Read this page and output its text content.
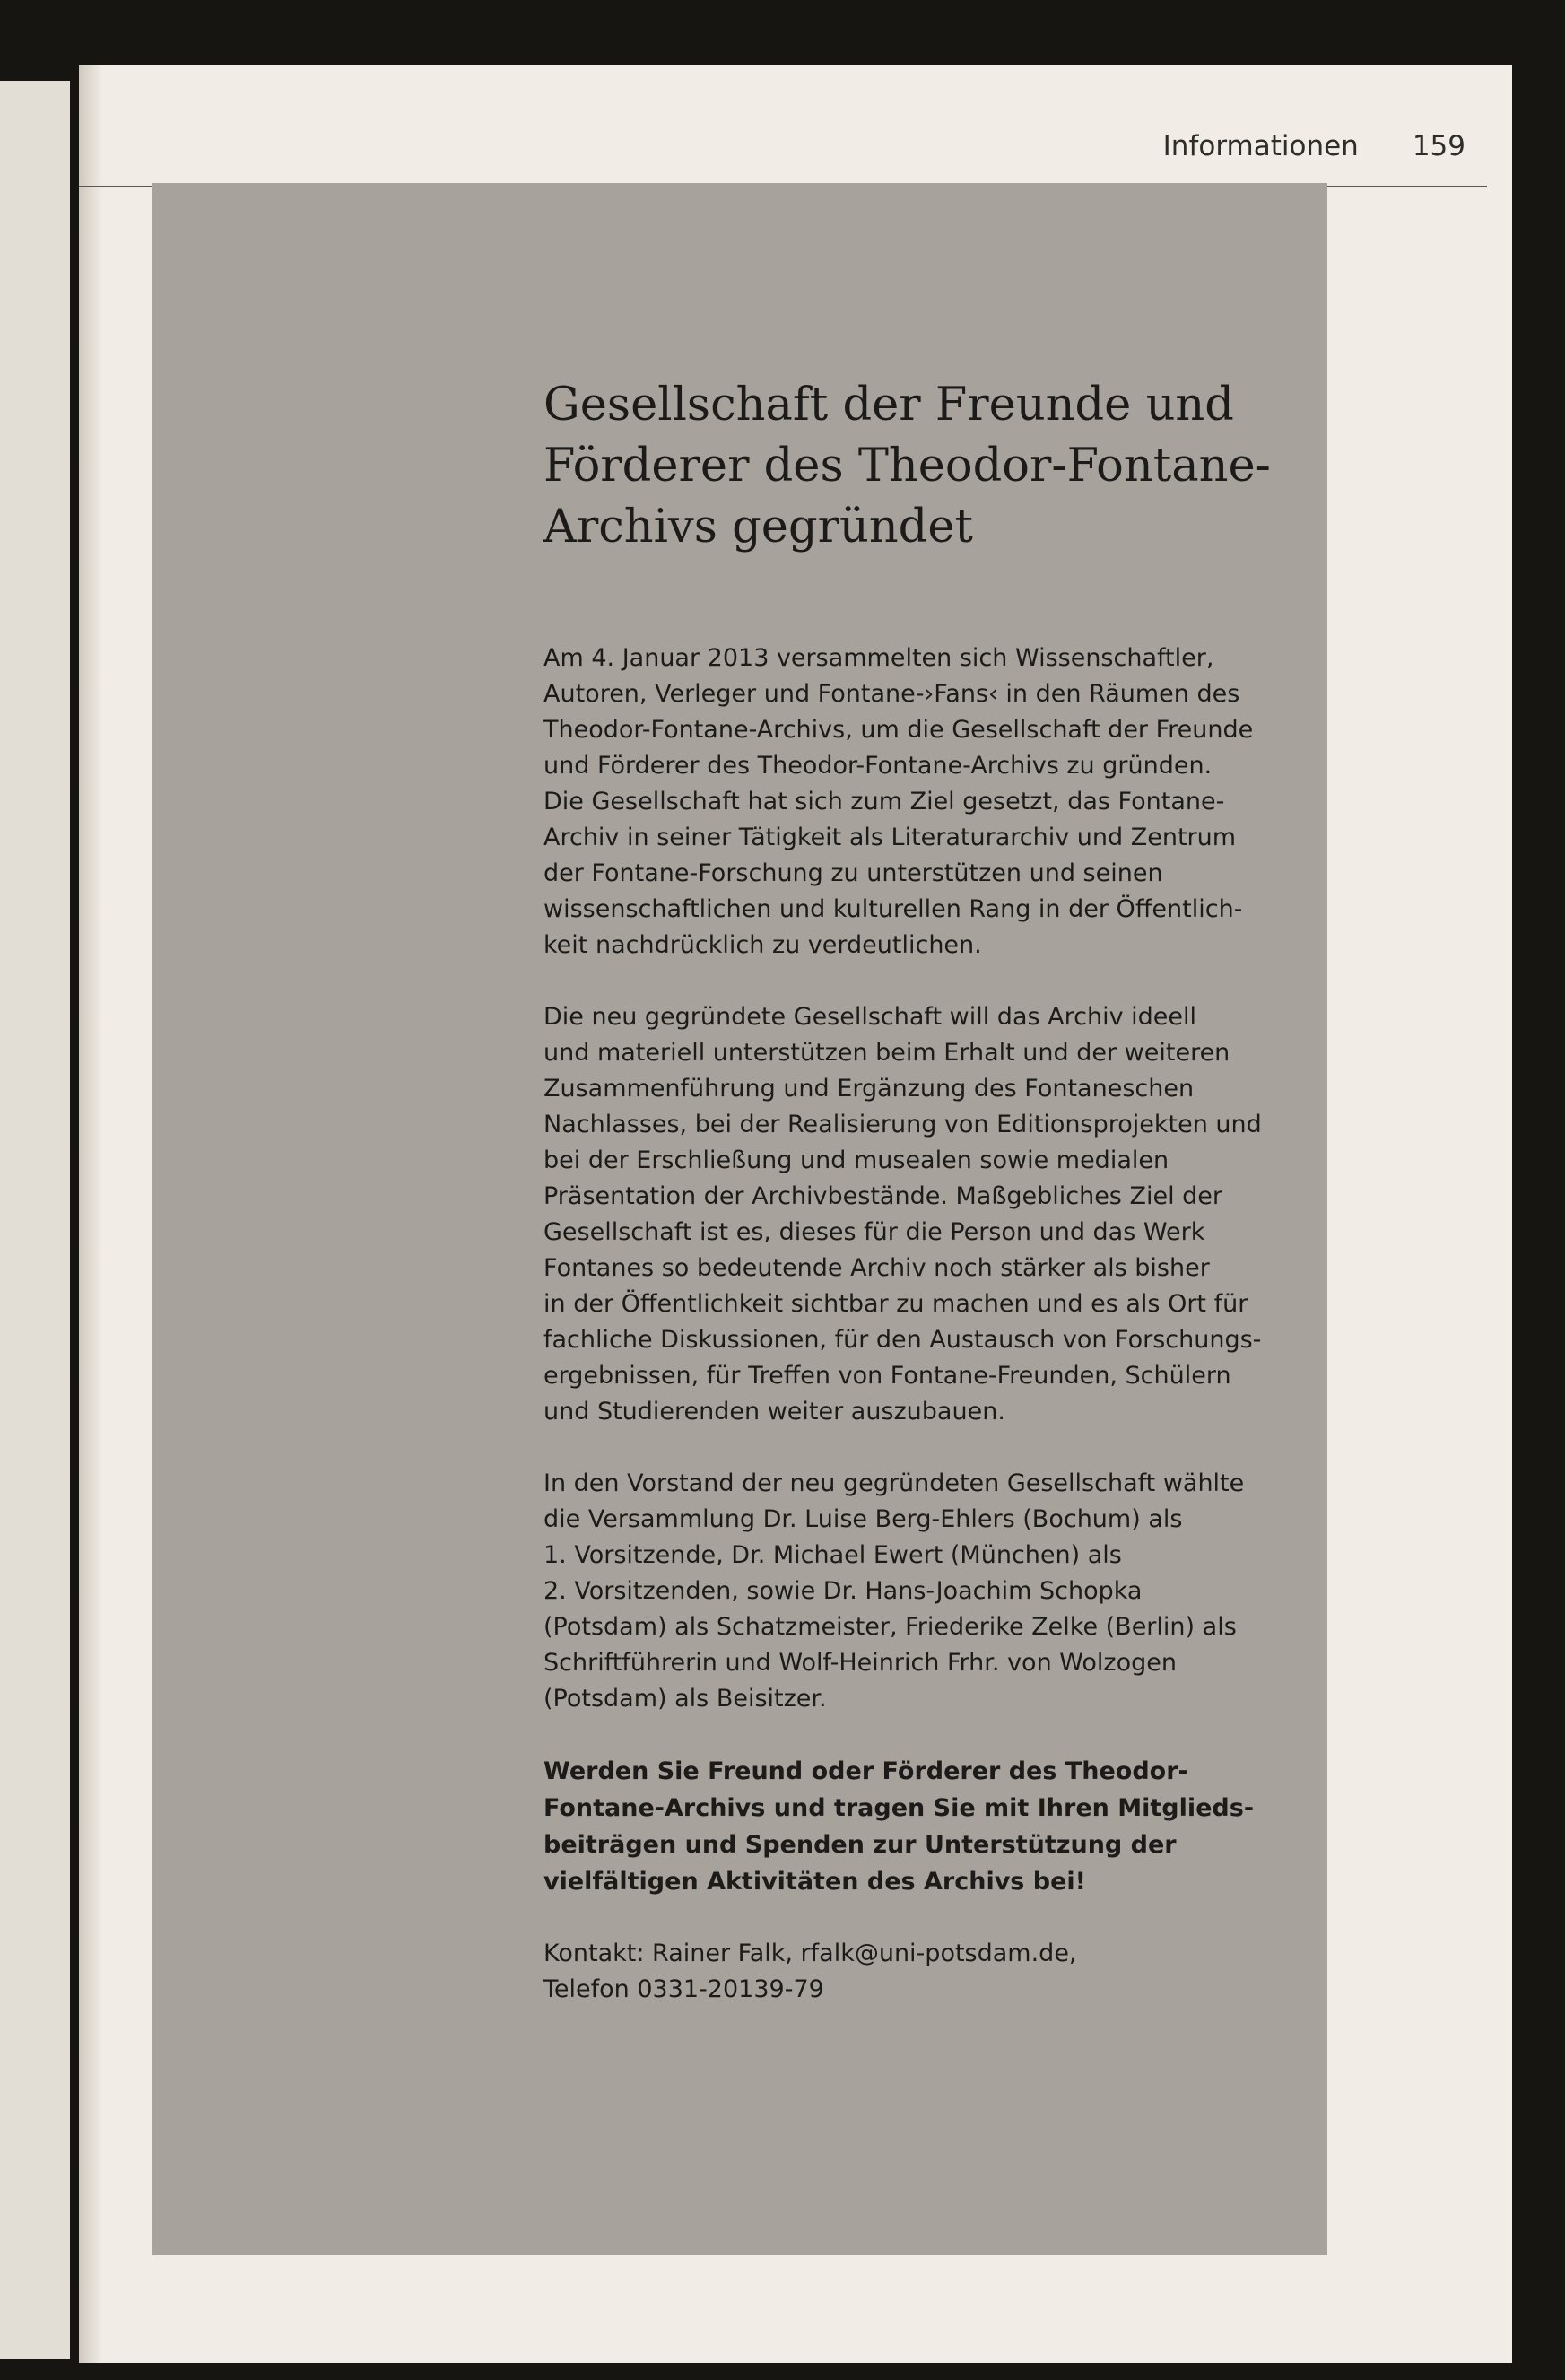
Informationen 159
Gesellschaft der Freunde und
Förderer des Theodor-Fontane-
Archivs gegründet

Am 4. Januar 2013 versammelten sich Wissenschaftler,
Autoren, Verleger und Fontane-›Fans‹ in den Räumen des
Theodor-Fontane-Archivs, um die Gesellschaft der Freunde
und Förderer des Theodor-Fontane-Archivs zu gründen.
Die Gesellschaft hat sich zum Ziel gesetzt, das Fontane-
Archiv in seiner Tätigkeit als Literaturarchiv und Zentrum
der Fontane-Forschung zu unterstützen und seinen
wissenschaftlichen und kulturellen Rang in der Öffentlich-
keit nachdrücklich zu verdeutlichen.

Die neu gegründete Gesellschaft will das Archiv ideell
und materiell unterstützen beim Erhalt und der weiteren
Zusammenführung und Ergänzung des Fontaneschen
Nachlasses, bei der Realisierung von Editionsprojekten und
bei der Erschließung und musealen sowie medialen
Präsentation der Archivbestände. Maßgebliches Ziel der
Gesellschaft ist es, dieses für die Person und das Werk
Fontanes so bedeutende Archiv noch stärker als bisher
in der Öffentlichkeit sichtbar zu machen und es als Ort für
fachliche Diskussionen, für den Austausch von Forschungs-
ergebnissen, für Treffen von Fontane-Freunden, Schülern
und Studierenden weiter auszubauen.

In den Vorstand der neu gegründeten Gesellschaft wählte
die Versammlung Dr. Luise Berg-Ehlers (Bochum) als
1. Vorsitzende, Dr. Michael Ewert (München) als
2. Vorsitzenden, sowie Dr. Hans-Joachim Schopka
(Potsdam) als Schatzmeister, Friederike Zelke (Berlin) als
Schriftführerin und Wolf-Heinrich Frhr. von Wolzogen
(Potsdam) als Beisitzer.

Werden Sie Freund oder Förderer des Theodor-
Fontane-Archivs und tragen Sie mit Ihren Mitglieds-
beiträgen und Spenden zur Unterstützung der
vielfältigen Aktivitäten des Archivs bei!

Kontakt: Rainer Falk, rfalk@uni-potsdam.de,
Telefon 0331-20139-79
